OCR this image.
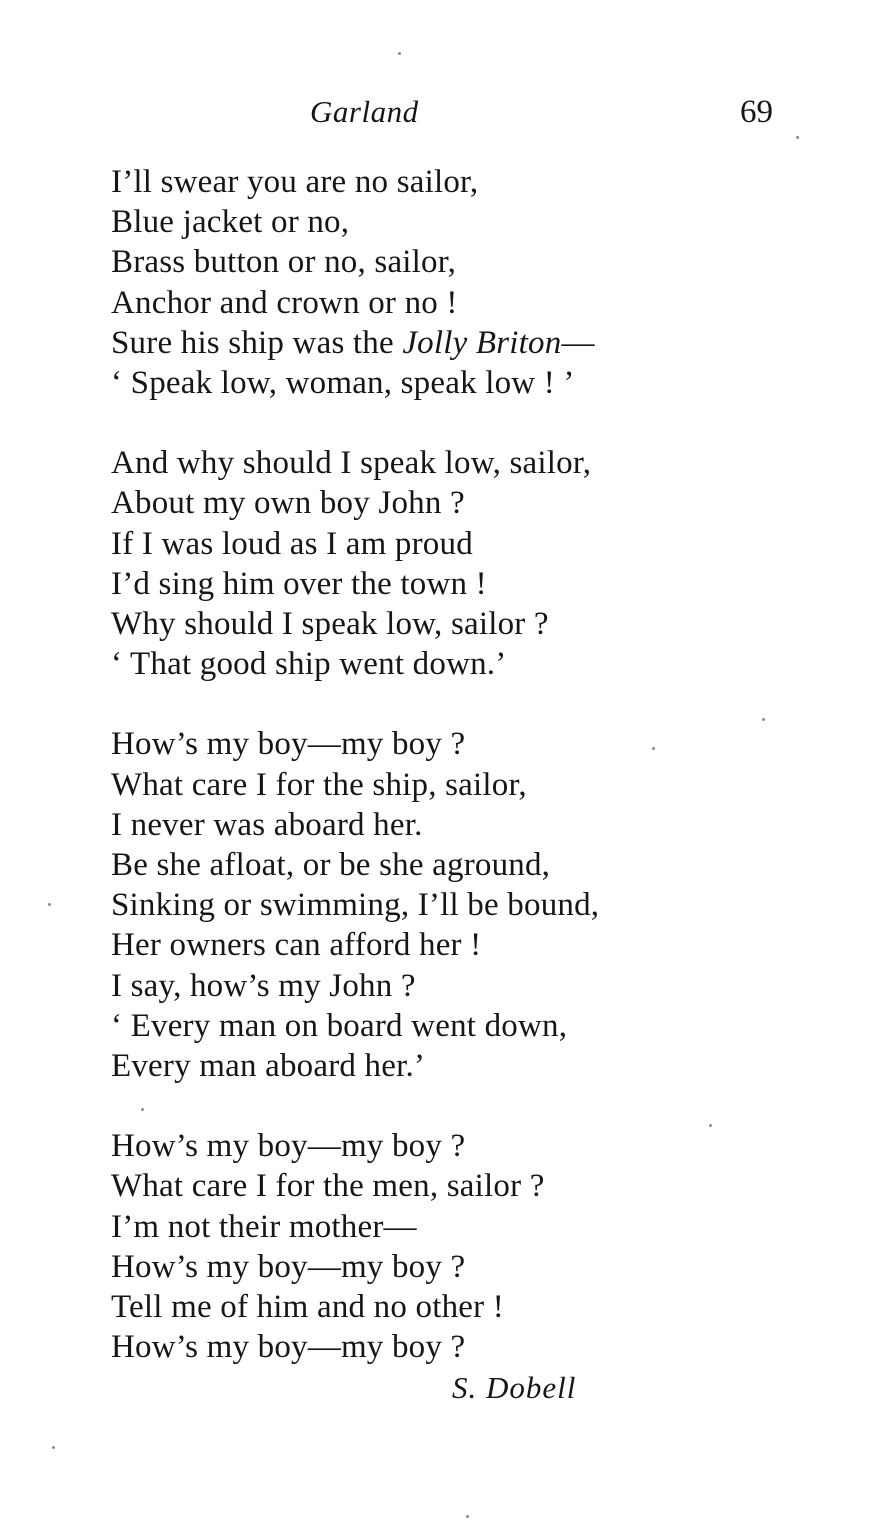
Garland	69
I’ll swear you are no sailor,
Blue jacket or no,
Brass button or no, sailor,
Anchor and crown or no !
Sure his ship was the Jolly Briton—
‘ Speak low, woman, speak low ! ’
And why should I speak low, sailor,
About my own boy John ?
If I was loud as I am proud
I’d sing him over the town !
Why should I speak low, sailor ?
‘ That good ship went down.’
How’s my boy—my boy ?
What care I for the ship, sailor,
I never was aboard her.
Be she afloat, or be she aground,
Sinking or swimming, I’ll be bound,
Her owners can afford her !
I say, how’s my John ?
‘ Every man on board went down,
Every man aboard her.’
How’s my boy—my boy ?
What care I for the men, sailor ?
I’m not their mother—
How’s my boy—my boy ?
Tell me of him and no other !
How’s my boy—my boy ?
S. Dobell
